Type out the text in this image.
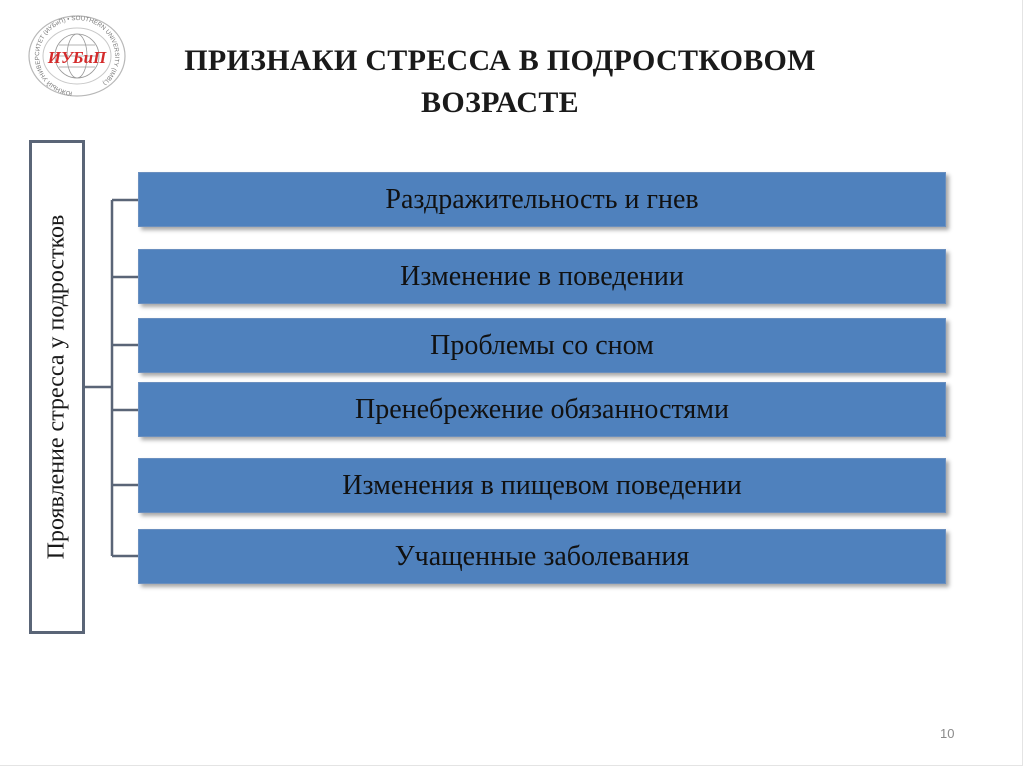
ЮЖНЫЙ УНИВЕРСИТЕТ (ИУБиП) • SOUTHERN UNIVERSITY (IMBL)
ИУБиП	ПРИЗНАКИ СТРЕССА В ПОДРОСТКОВОМ
ВОЗРАСТЕ
Проявление стресса у подростков
Раздражительность и гнев
Изменение в поведении
Проблемы со сном
Пренебрежение обязанностями
Изменения в пищевом поведении
Учащенные заболевания
10
